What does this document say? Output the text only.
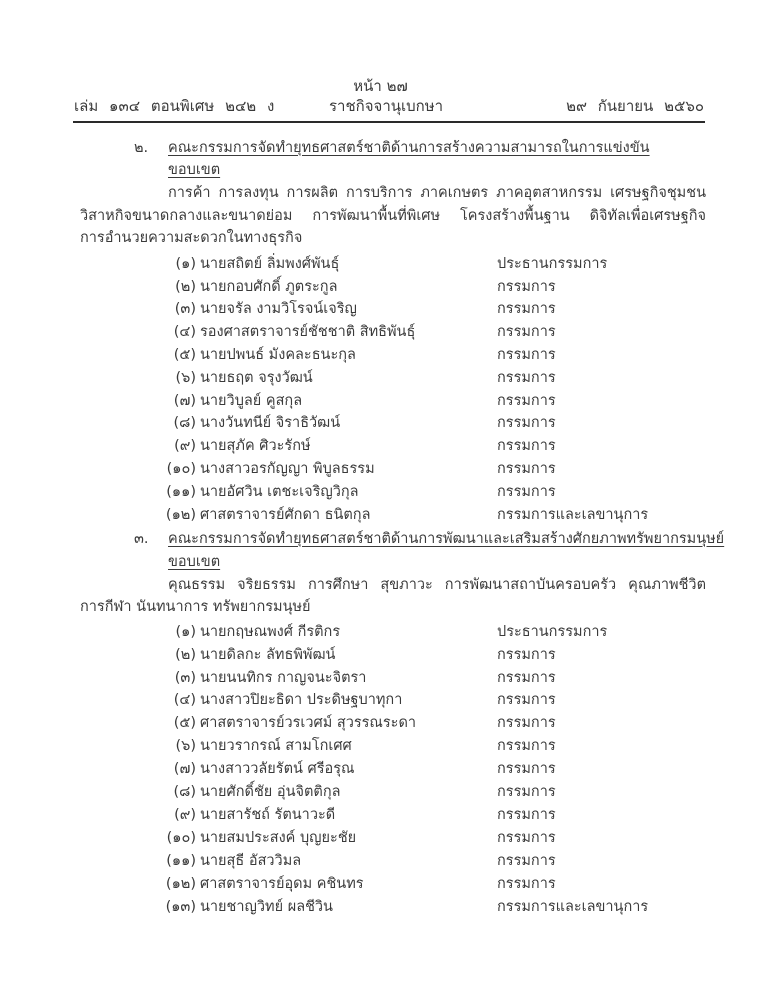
หน้า ๒๗
เล่ม ๑๓๔ ตอนพิเศษ ๒๔๒ ง	ราชกิจจานุเบกษา	๒๙ กันยายน ๒๕๖๐
๒. คณะกรรมการจัดทำยุทธศาสตร์ชาติด้านการสร้างความสามารถในการแข่งขัน
ขอบเขต
การค้า การลงทุน การผลิต การบริการ ภาคเกษตร ภาคอุตสาหกรรม เศรษฐกิจชุมชน
วิสาหกิจขนาดกลางและขนาดย่อม การพัฒนาพื้นที่พิเศษ โครงสร้างพื้นฐาน ดิจิทัลเพื่อเศรษฐกิจ
การอำนวยความสะดวกในทางธุรกิจ
(๑) นายสถิตย์ ลิ่มพงศ์พันธุ์	ประธานกรรมการ
(๒) นายกอบศักดิ์ ภูตระกูล	กรรมการ
(๓) นายจรัล งามวิโรจน์เจริญ	กรรมการ
(๔) รองศาสตราจารย์ชัชชาติ สิทธิพันธุ์	กรรมการ
(๕) นายปพนธ์ มังคละธนะกุล	กรรมการ
(๖) นายธฤต จรุงวัฒน์	กรรมการ
(๗) นายวิบูลย์ คูสกุล	กรรมการ
(๘) นางวันทนีย์ จิราธิวัฒน์	กรรมการ
(๙) นายสุภัค ศิวะรักษ์	กรรมการ
(๑๐) นางสาวอรกัญญา พิบูลธรรม	กรรมการ
(๑๑) นายอัศวิน เตชะเจริญวิกุล	กรรมการ
(๑๒) ศาสตราจารย์ศักดา ธนิตกุล	กรรมการและเลขานุการ
๓. คณะกรรมการจัดทำยุทธศาสตร์ชาติด้านการพัฒนาและเสริมสร้างศักยภาพทรัพยากรมนุษย์
ขอบเขต
คุณธรรม จริยธรรม การศึกษา สุขภาวะ การพัฒนาสถาบันครอบครัว คุณภาพชีวิต
การกีฬา นันทนาการ ทรัพยากรมนุษย์
(๑) นายกฤษณพงศ์ กีรติกร	ประธานกรรมการ
(๒) นายดิลกะ ลัทธพิพัฒน์	กรรมการ
(๓) นายนนทิกร กาญจนะจิตรา	กรรมการ
(๔) นางสาวปิยะธิดา ประดิษฐบาทุกา	กรรมการ
(๕) ศาสตราจารย์วรเวศม์ สุวรรณระดา	กรรมการ
(๖) นายวรากรณ์ สามโกเศศ	กรรมการ
(๗) นางสาววลัยรัตน์ ศรีอรุณ	กรรมการ
(๘) นายศักดิ์ชัย อุ่นจิตติกุล	กรรมการ
(๙) นายสารัชถ์ รัตนาวะดี	กรรมการ
(๑๐) นายสมประสงค์ บุญยะชัย	กรรมการ
(๑๑) นายสุธี อัสววิมล	กรรมการ
(๑๒) ศาสตราจารย์อุดม คชินทร	กรรมการ
(๑๓) นายชาญวิทย์ ผลชีวิน	กรรมการและเลขานุการ
